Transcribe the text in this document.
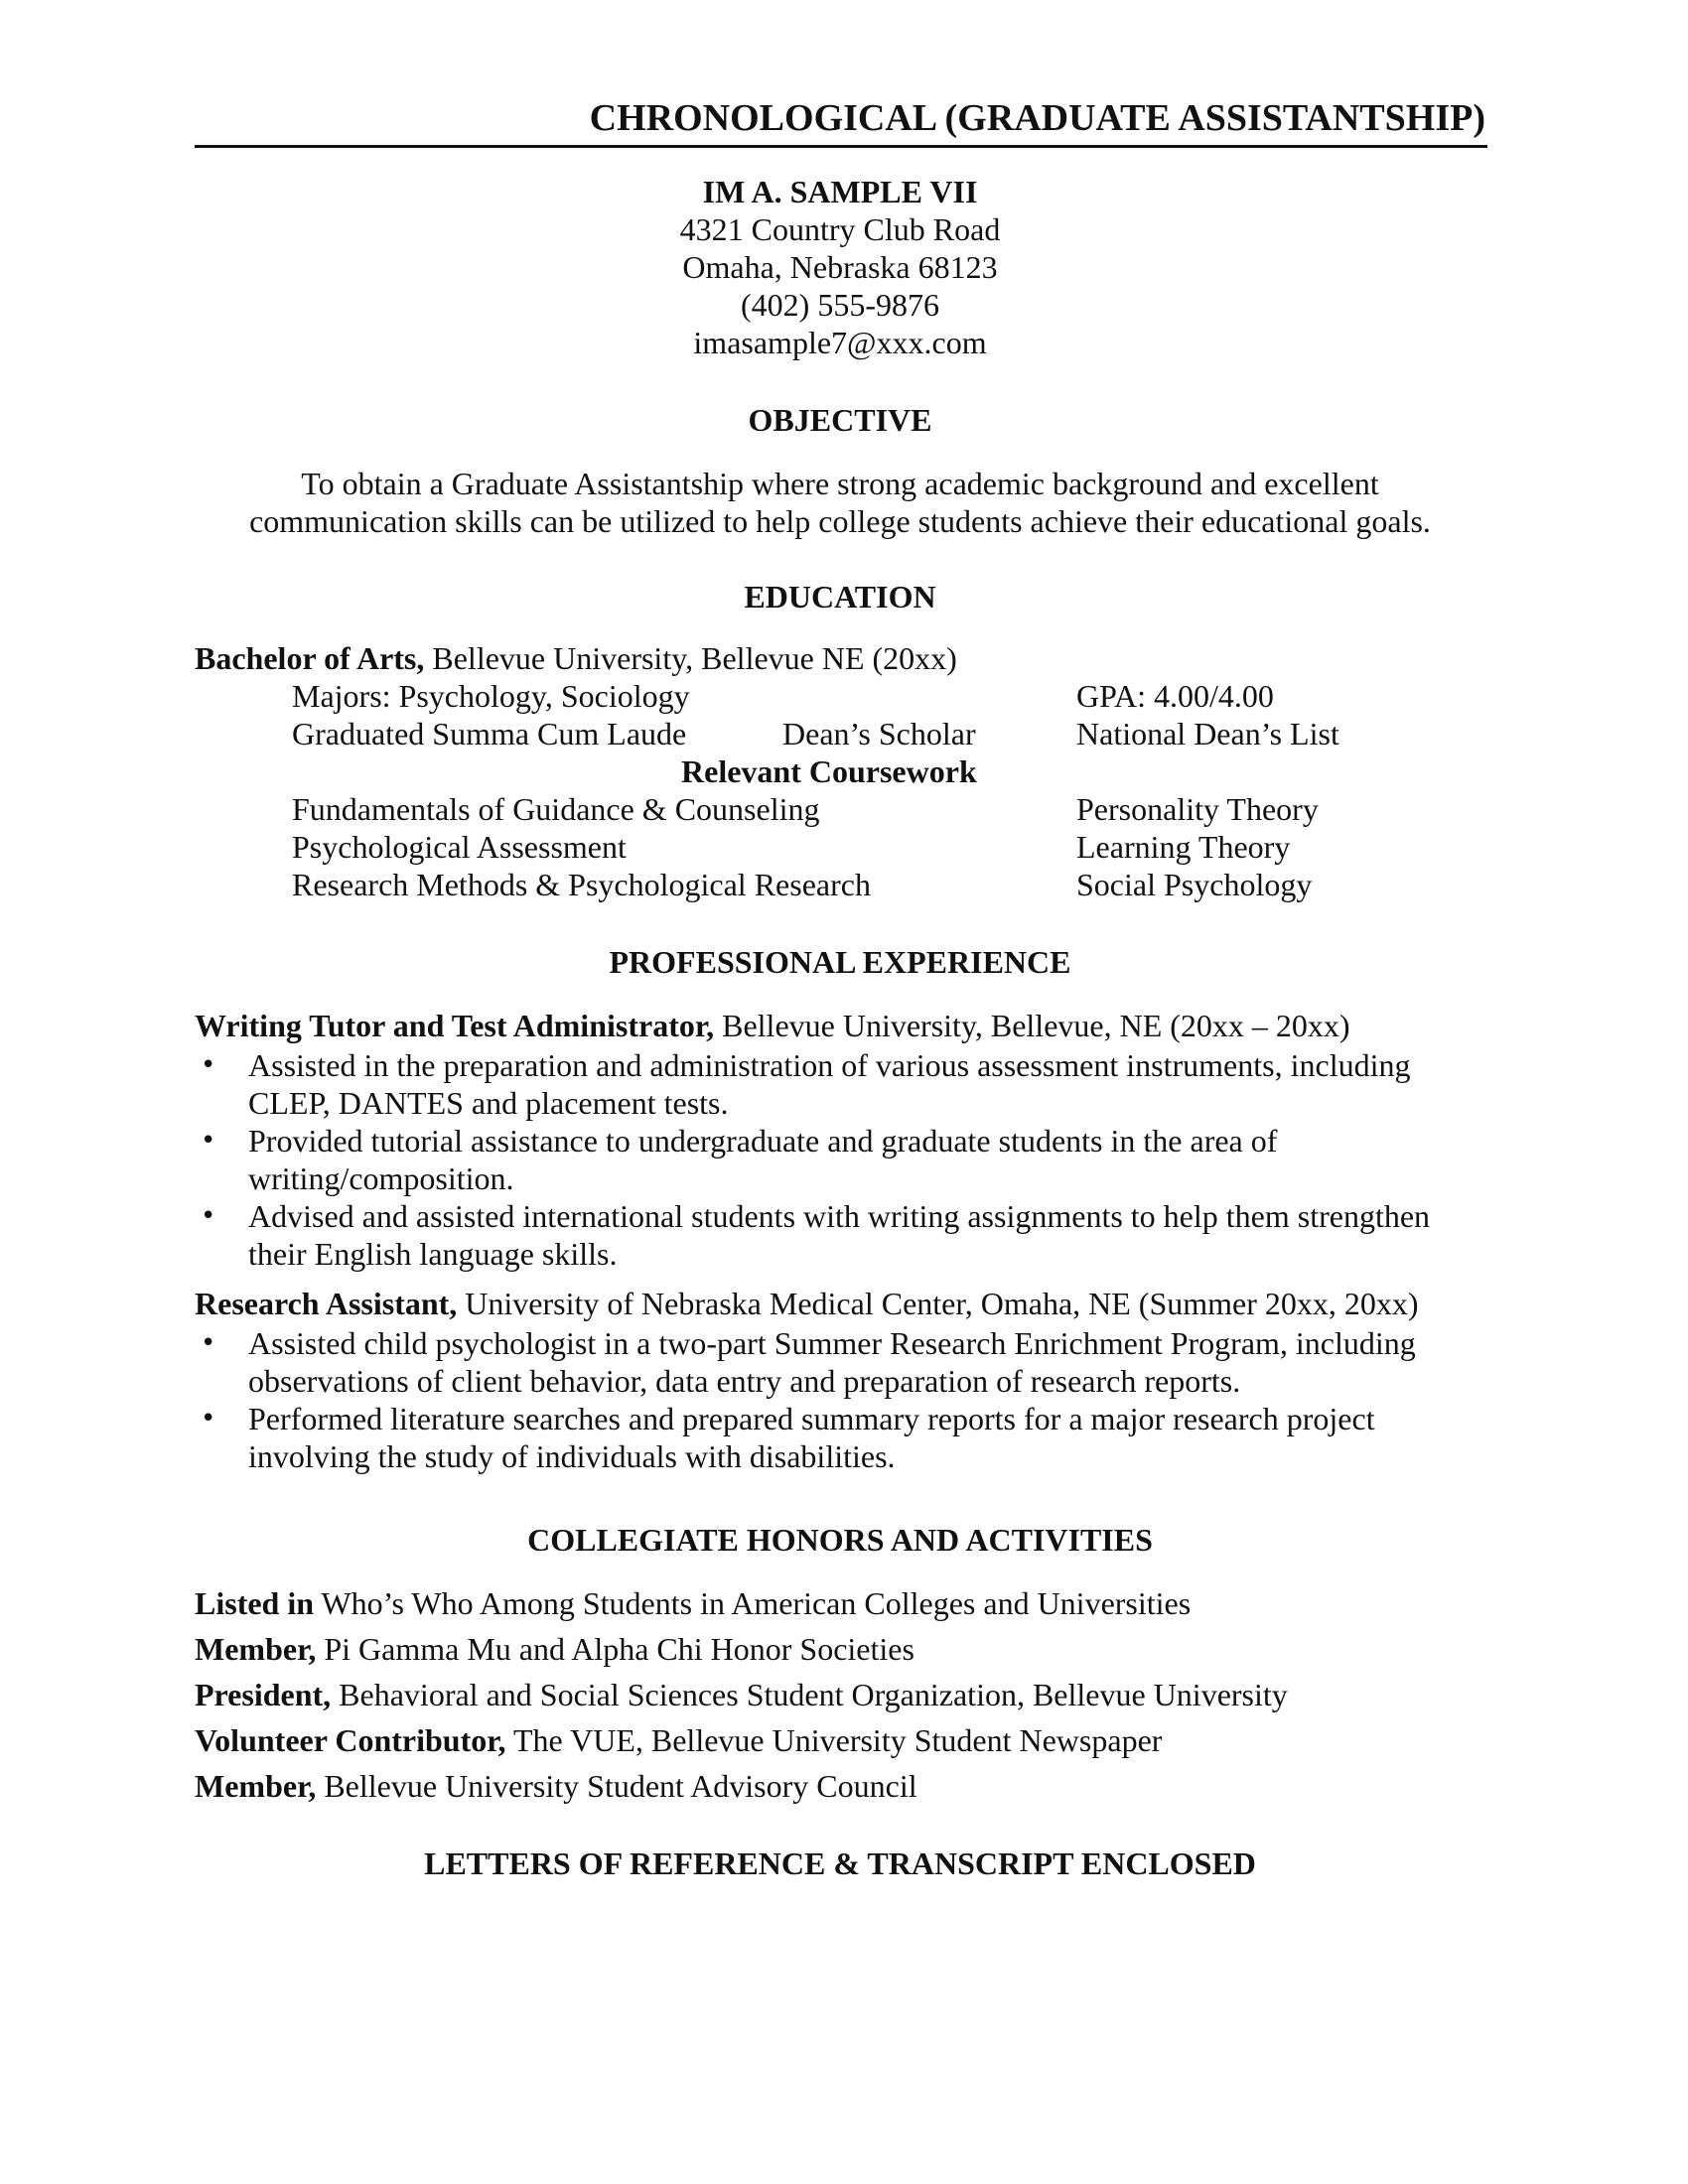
CHRONOLOGICAL (GRADUATE ASSISTANTSHIP)
IM A. SAMPLE VII
4321 Country Club Road
Omaha, Nebraska 68123
(402) 555-9876
imasample7@xxx.com
OBJECTIVE
To obtain a Graduate Assistantship where strong academic background and excellent
communication skills can be utilized to help college students achieve their educational goals.
EDUCATION
Bachelor of Arts, Bellevue University, Bellevue NE (20xx)
Majors: Psychology, Sociology	GPA: 4.00/4.00
Graduated Summa Cum Laude	Dean’s Scholar	National Dean’s List
Relevant Coursework
Fundamentals of Guidance & Counseling	Personality Theory
Psychological Assessment	Learning Theory
Research Methods & Psychological Research	Social Psychology
PROFESSIONAL EXPERIENCE
Writing Tutor and Test Administrator, Bellevue University, Bellevue, NE (20xx – 20xx)
• Assisted in the preparation and administration of various assessment instruments, including
CLEP, DANTES and placement tests.
• Provided tutorial assistance to undergraduate and graduate students in the area of
writing/composition.
• Advised and assisted international students with writing assignments to help them strengthen
their English language skills.
Research Assistant, University of Nebraska Medical Center, Omaha, NE (Summer 20xx, 20xx)
• Assisted child psychologist in a two-part Summer Research Enrichment Program, including
observations of client behavior, data entry and preparation of research reports.
• Performed literature searches and prepared summary reports for a major research project
involving the study of individuals with disabilities.
COLLEGIATE HONORS AND ACTIVITIES
Listed in Who’s Who Among Students in American Colleges and Universities
Member, Pi Gamma Mu and Alpha Chi Honor Societies
President, Behavioral and Social Sciences Student Organization, Bellevue University
Volunteer Contributor, The VUE, Bellevue University Student Newspaper
Member, Bellevue University Student Advisory Council
LETTERS OF REFERENCE & TRANSCRIPT ENCLOSED
